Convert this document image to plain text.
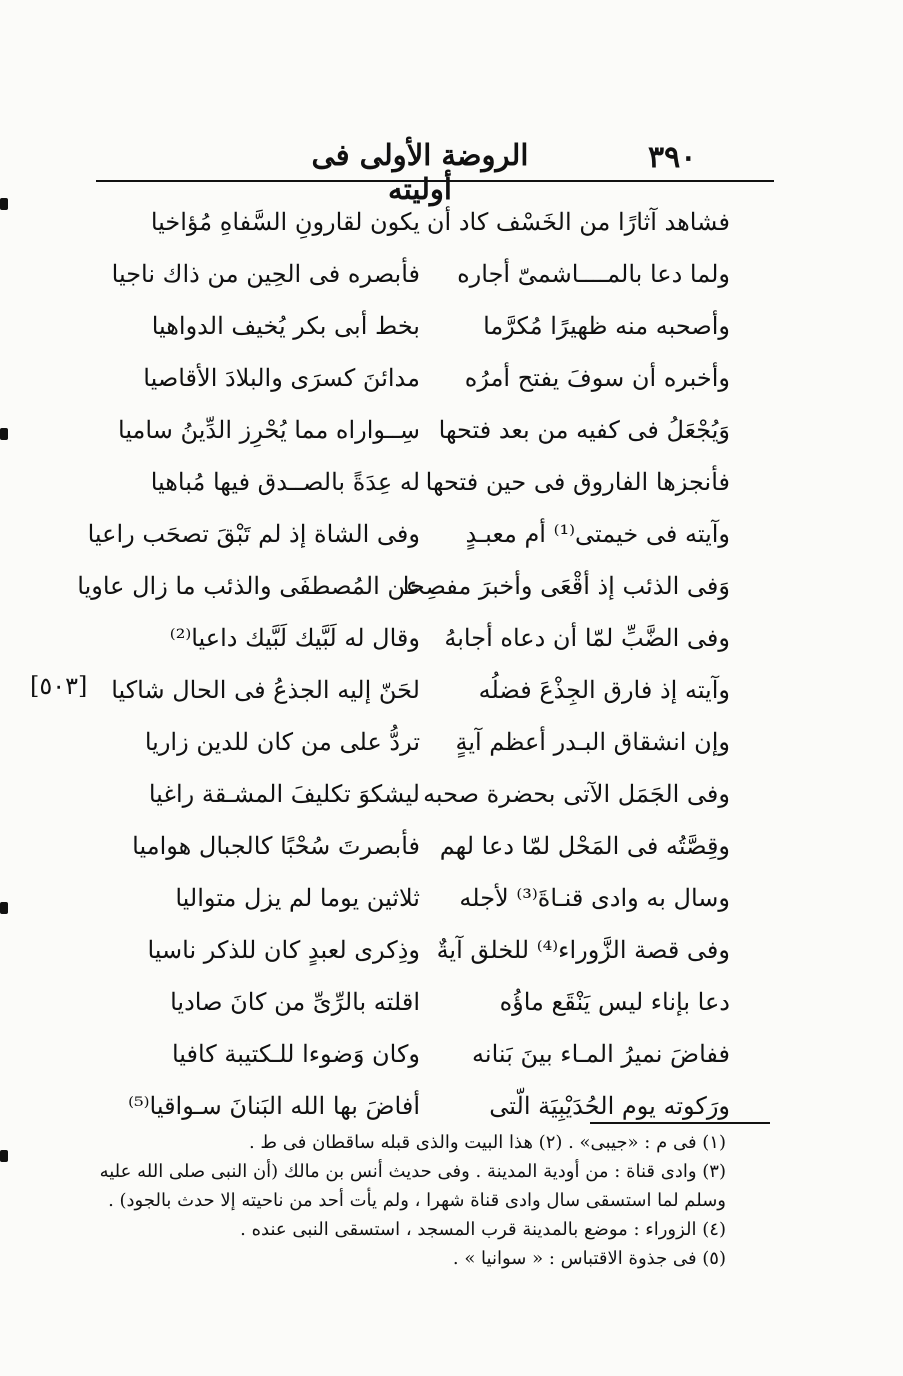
٣٩٠
الروضة الأولى فى أوليته
[٥٠٣]
فشاهد آثارًا من الخَسْف كاد أن
يكون لقارونِ السَّفاهِ مُؤاخيا
ولما دعا بالمــــاشمىّ أجاره
فأبصره فى الحِين من ذاك ناجيا
وأصحبه منه ظهيرًا مُكرَّما
بخط أبى بكر يُخيف الدواهيا
وأخبره أن سوفَ يفتح أمرُه
مدائنَ كسرَى والبلادَ الأقاصيا
وَيُجْعَلُ فى كفيه من بعد فتحها
سِــواراه مما يُحْرِز الدِّينُ ساميا
فأنجزها الفاروق فى حين فتحها
له عِدَةً بالصــدق فيها مُباهيا
وآيته فى خيمتى⁽¹⁾ أم معبـدٍ
وفى الشاة إذ لم تَبْقَ تصحَب راعيا
وَفى الذئب إذ أقْعَى وأخبرَ مفصِحا
عن المُصطفَى والذئب ما زال عاويا
وفى الضَّبِّ لمّا أن دعاه أجابهُ
وقال له لَبَّيك لَبَّيك داعيا⁽²⁾
وآيته إذ فارق الجِذْعَ فضلُه
لحَنّ إليه الجذعُ فى الحال شاكيا
وإن انشقاق البـدر أعظم آيةٍ
تردُّ على من كان للدين زاريا
وفى الجَمَل الآتى بحضرة صحبه
ليشكوَ تكليفَ المشـقة راغيا
وقِصَّتُه فى المَحْل لمّا دعا لهم
فأبصرتَ سُحْبًا كالجبال هواميا
وسال به وادى قنـاةَ⁽³⁾ لأجله
ثلاثين يوما لم يزل متواليا
وفى قصة الزَّوراء⁽⁴⁾ للخلق آيةٌ
وذِكرى لعبدٍ كان للذكر ناسيا
دعا بإناء ليس يَنْقَع ماؤُه
اقلته بالرِّىِّ من كانَ صاديا
ففاضَ نميرُ المـاء بينَ بَنانه
وكان وَضوءا للـكتيبة كافيا
ورَكوته يوم الحُدَيْبِيَة الّتى
أفاضَ بها الله البَنانَ سـواقيا⁽⁵⁾
(١) فى م : «جيبى» . (٢) هذا البيت والذى قبله ساقطان فى ط .
(٣) وادى قناة : من أودية المدينة . وفى حديث أنس بن مالك (أن النبى صلى الله عليه
وسلم لما استسقى سال وادى قناة شهرا ، ولم يأت أحد من ناحيته إلا حدث بالجود) .
(٤) الزوراء : موضع بالمدينة قرب المسجد ، استسقى النبى عنده .
(٥) فى جذوة الاقتباس : « سوانيا » .
